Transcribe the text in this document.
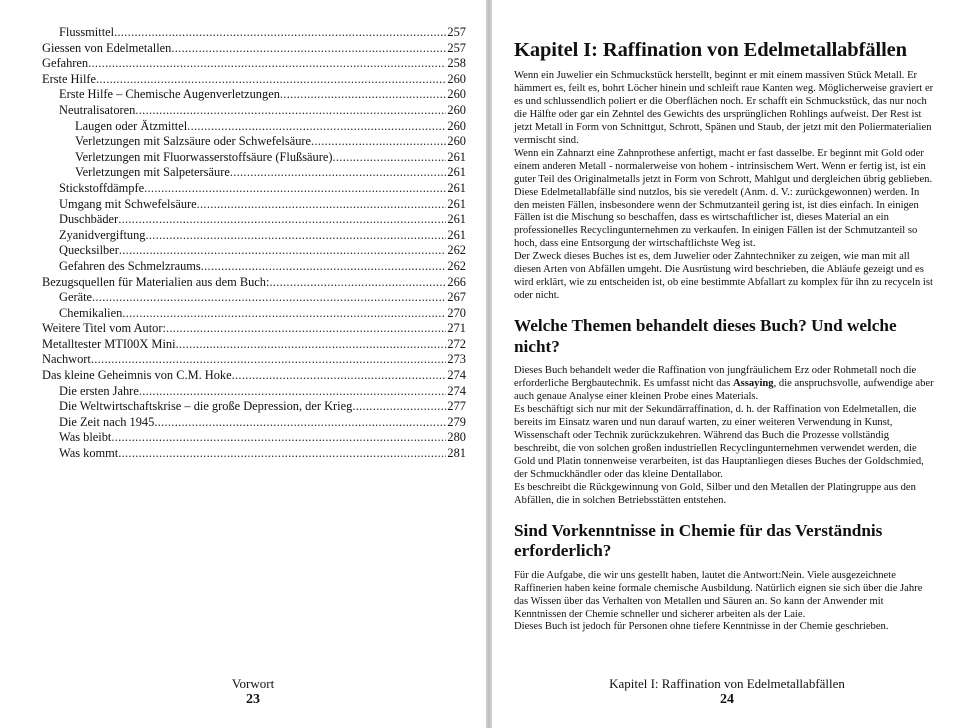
Flussmittel .....	257
Giessen von Edelmetallen .....	257
Gefahren .....	258
Erste Hilfe .....	260
Erste Hilfe – Chemische Augenverletzungen .....	260
Neutralisatoren .....	260
Laugen oder Ätzmittel .....	260
Verletzungen mit Salzsäure oder Schwefelsäure .....	260
Verletzungen mit Fluorwasserstoffsäure (Flußsäure) .....	261
Verletzungen mit Salpetersäure .....	261
Stickstoffdämpfe .....	261
Umgang mit Schwefelsäure .....	261
Duschbäder .....	261
Zyanidvergiftung .....	261
Quecksilber .....	262
Gefahren des Schmelzraums .....	262
Bezugsquellen für Materialien aus dem Buch: .....	266
Geräte .....	267
Chemikalien .....	270
Weitere Titel vom Autor: .....	271
Metalltester MTI00X Mini .....	272
Nachwort .....	273
Das kleine Geheimnis von C.M. Hoke .....	274
Die ersten Jahre .....	274
Die Weltwirtschaftskrise – die große Depression, der Krieg .....	277
Die Zeit nach 1945 .....	279
Was bleibt .....	280
Was kommt .....	281
Vorwort
23
Kapitel I: Raffination von Edelmetallabfällen

Wenn ein Juwelier ein Schmuckstück herstellt, beginnt er mit einem massiven Stück Metall. Er hämmert es, feilt es, bohrt Löcher hinein und schleift raue Kanten weg. Möglicherweise graviert er es und schlussendlich poliert er die Oberflächen noch. Er schafft ein Schmuckstück, das nur noch die Hälfte oder gar ein Zehntel des Gewichts des ursprünglichen Rohlings aufweist. Der Rest ist jetzt Metall in Form von Schnittgut, Schrott, Spänen und Staub, der jetzt mit den Poliermaterialien vermischt sind.

Wenn ein Zahnarzt eine Zahnprothese anfertigt, macht er fast dasselbe. Er beginnt mit Gold oder einem anderen Metall - normalerweise von hohem - intrinsischem Wert. Wenn er fertig ist, ist ein guter Teil des Originalmetalls jetzt in Form von Schrott, Mahlgut und dergleichen übrig geblieben. Diese Edelmetallabfälle sind nutzlos, bis sie veredelt (Anm. d. V.: zurückgewonnen) werden. In den meisten Fällen, insbesondere wenn der Schmutzanteil gering ist, ist dies einfach. In einigen Fällen ist die Mischung so beschaffen, dass es wirtschaftlicher ist, dieses Material an ein professionelles Recyclingunternehmen zu verkaufen. In einigen Fällen ist der Schmutzanteil so hoch, dass eine Entsorgung der wirtschaftlichste Weg ist.

Der Zweck dieses Buches ist es, dem Juwelier oder Zahntechniker zu zeigen, wie man mit all diesen Arten von Abfällen umgeht. Die Ausrüstung wird beschrieben, die Abläufe gezeigt und es wird erklärt, wie zu entscheiden ist, ob eine bestimmte Abfallart zu komplex für ihn zu recyceln ist oder nicht.

Welche Themen behandelt dieses Buch? Und welche nicht?

Dieses Buch behandelt weder die Raffination von jungfräulichem Erz oder Rohmetall noch die erforderliche Bergbautechnik. Es umfasst nicht das Assaying, die anspruchsvolle, aufwendige aber auch genaue Analyse einer kleinen Probe eines Materials.

Es beschäftigt sich nur mit der Sekundärraffination, d. h. der Raffination von Edelmetallen, die bereits im Einsatz waren und nun darauf warten, zu einer weiteren Verwendung in Kunst, Wissenschaft oder Technik zurückzukehren. Während das Buch die Prozesse vollständig beschreibt, die von solchen großen industriellen Recyclingunternehmen verwendet werden, die Gold und Platin tonnenweise verarbeiten, ist das Hauptanliegen dieses Buches der Goldschmied, der Schmuckhändler oder das kleine Dentallabor.

Es beschreibt die Rückgewinnung von Gold, Silber und den Metallen der Platingruppe aus den Abfällen, die in solchen Betriebsstätten entstehen.

Sind Vorkenntnisse in Chemie für das Verständnis erforderlich?

Für die Aufgabe, die wir uns gestellt haben, lautet die Antwort:Nein. Viele ausgezeichnete Raffinerien haben keine formale chemische Ausbildung. Natürlich eignen sie sich über die Jahre das Wissen über das Verhalten von Metallen und Säuren an. So kann der Anwender mit Kenntnissen der Chemie schneller und sicherer arbeiten als der Laie.

Dieses Buch ist jedoch für Personen ohne tiefere Kenntnisse in der Chemie geschrieben.

Kapitel I: Raffination von Edelmetallabfällen
24
